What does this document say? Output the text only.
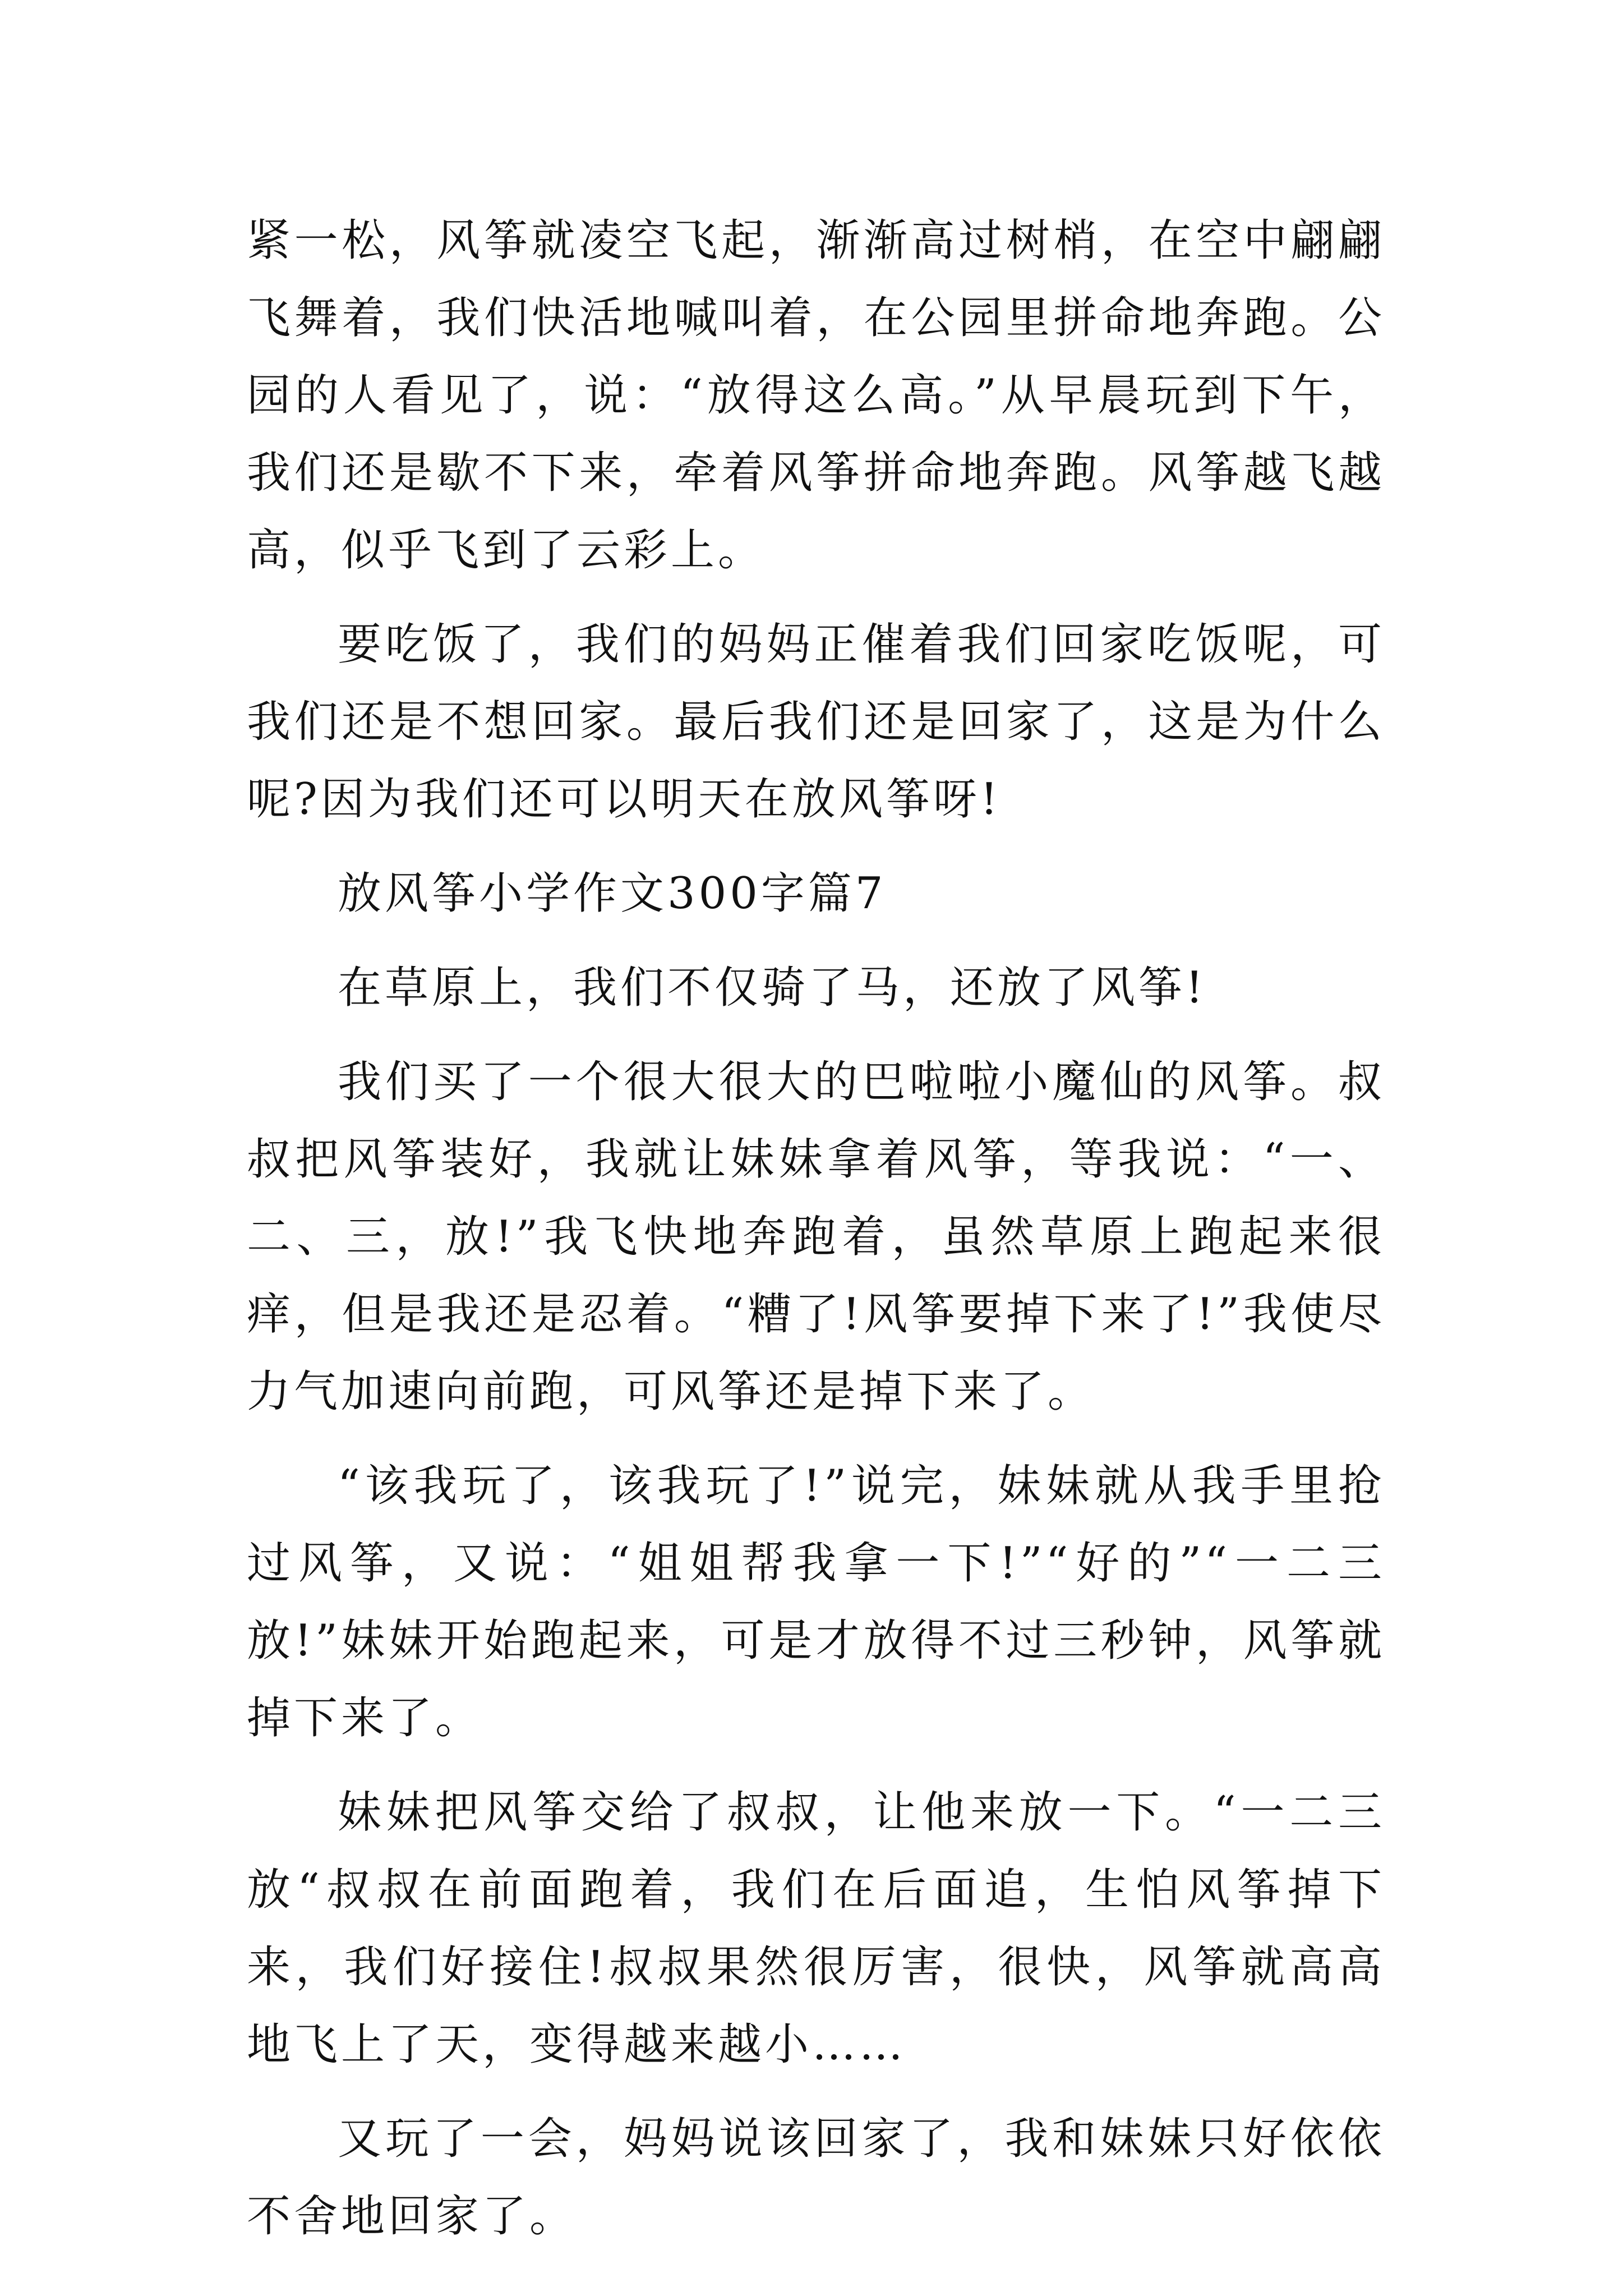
紧一松，风筝就凌空飞起，渐渐高过树梢，在空中翩翩飞舞着，我们快活地喊叫着，在公园里拼命地奔跑。公园的人看见了，说：“放得这么高。”从早晨玩到下午，我们还是歇不下来，牵着风筝拼命地奔跑。风筝越飞越高，似乎飞到了云彩上。

要吃饭了，我们的妈妈正催着我们回家吃饭呢，可我们还是不想回家。最后我们还是回家了，这是为什么呢?因为我们还可以明天在放风筝呀!

放风筝小学作文300字篇7

在草原上，我们不仅骑了马，还放了风筝!

我们买了一个很大很大的巴啦啦小魔仙的风筝。叔叔把风筝装好，我就让妹妹拿着风筝，等我说：“一、二、三，放!”我飞快地奔跑着，虽然草原上跑起来很痒，但是我还是忍着。“糟了!风筝要掉下来了!”我使尽力气加速向前跑，可风筝还是掉下来了。

“该我玩了，该我玩了!”说完，妹妹就从我手里抢过风筝，又说：“姐姐帮我拿一下!”“好的”“一二三放!”妹妹开始跑起来，可是才放得不过三秒钟，风筝就掉下来了。

妹妹把风筝交给了叔叔，让他来放一下。“一二三放“叔叔在前面跑着，我们在后面追，生怕风筝掉下来，我们好接住!叔叔果然很厉害，很快，风筝就高高地飞上了天，变得越来越小……

又玩了一会，妈妈说该回家了，我和妹妹只好依依不舍地回家了。
